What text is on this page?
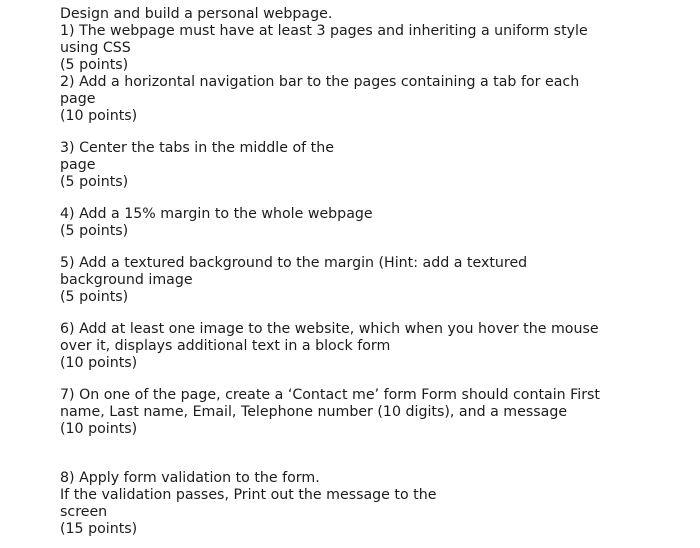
Design and build a personal webpage.

1) The webpage must have at least 3 pages and inheriting a uniform style

using CSS

(5 points)

2) Add a horizontal navigation bar to the pages containing a tab for each

page

(10 points)

3) Center the tabs in the middle of the

page

(5 points)

4) Add a 15% margin to the whole webpage

(5 points)

5) Add a textured background to the margin (Hint: add a textured

background image

(5 points)

6) Add at least one image to the website, which when you hover the mouse

over it, displays additional text in a block form

(10 points)

7) On one of the page, create a ‘Contact me’ form Form should contain First

name, Last name, Email, Telephone number (10 digits), and a message

(10 points)

8) Apply form validation to the form.

If the validation passes, Print out the message to the

screen

(15 points)
